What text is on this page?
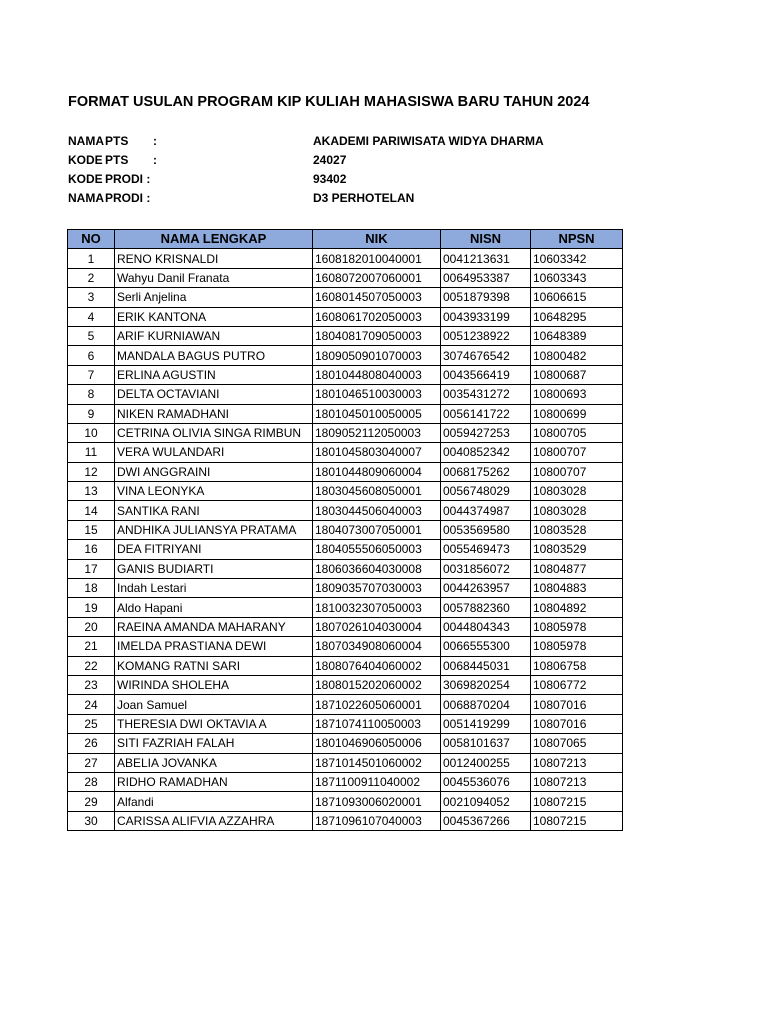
FORMAT USULAN PROGRAM KIP KULIAH MAHASISWA BARU TAHUN 2024
NAMA PTS :	AKADEMI PARIWISATA WIDYA DHARMA
KODE PTS :	24027
KODE PRODI :	93402
NAMA PRODI :	D3 PERHOTELAN
NO	NAMA LENGKAP	NIK	NISN	NPSN
1	RENO KRISNALDI	1608182010040001	0041213631	10603342
2	Wahyu Danil Franata	1608072007060001	0064953387	10603343
3	Serli Anjelina	1608014507050003	0051879398	10606615
4	ERIK KANTONA	1608061702050003	0043933199	10648295
5	ARIF KURNIAWAN	1804081709050003	0051238922	10648389
6	MANDALA BAGUS PUTRO	1809050901070003	3074676542	10800482
7	ERLINA AGUSTIN	1801044808040003	0043566419	10800687
8	DELTA OCTAVIANI	1801046510030003	0035431272	10800693
9	NIKEN RAMADHANI	1801045010050005	0056141722	10800699
10	CETRINA OLIVIA SINGA RIMBUN	1809052112050003	0059427253	10800705
11	VERA WULANDARI	1801045803040007	0040852342	10800707
12	DWI ANGGRAINI	1801044809060004	0068175262	10800707
13	VINA LEONYKA	1803045608050001	0056748029	10803028
14	SANTIKA RANI	1803044506040003	0044374987	10803028
15	ANDHIKA JULIANSYA PRATAMA	1804073007050001	0053569580	10803528
16	DEA FITRIYANI	1804055506050003	0055469473	10803529
17	GANIS BUDIARTI	1806036604030008	0031856072	10804877
18	Indah Lestari	1809035707030003	0044263957	10804883
19	Aldo Hapani	1810032307050003	0057882360	10804892
20	RAEINA AMANDA MAHARANY	1807026104030004	0044804343	10805978
21	IMELDA PRASTIANA DEWI	1807034908060004	0066555300	10805978
22	KOMANG RATNI SARI	1808076404060002	0068445031	10806758
23	WIRINDA SHOLEHA	1808015202060002	3069820254	10806772
24	Joan Samuel	1871022605060001	0068870204	10807016
25	THERESIA DWI OKTAVIA A	1871074110050003	0051419299	10807016
26	SITI FAZRIAH FALAH	1801046906050006	0058101637	10807065
27	ABELIA JOVANKA	1871014501060002	0012400255	10807213
28	RIDHO RAMADHAN	1871100911040002	0045536076	10807213
29	Alfandi	1871093006020001	0021094052	10807215
30	CARISSA ALIFVIA AZZAHRA	1871096107040003	0045367266	10807215
